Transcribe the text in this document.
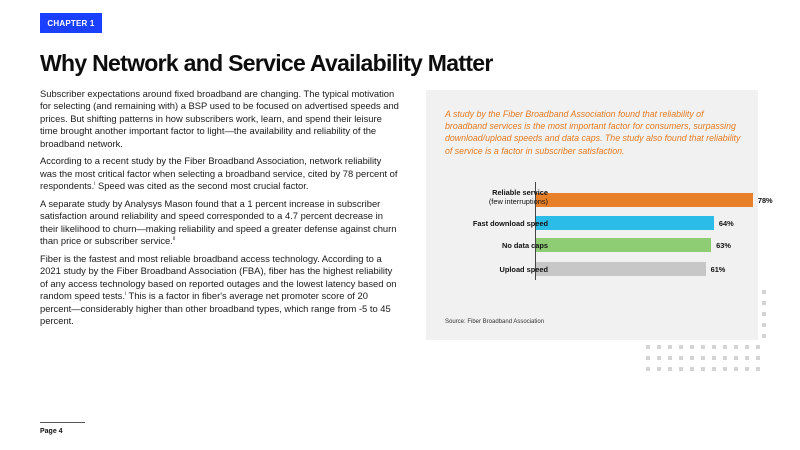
CHAPTER 1
Why Network and Service Availability Matter

Subscriber expectations around fixed broadband are changing. The typical motivation for selecting (and remaining with) a BSP used to be focused on advertised speeds and prices. But shifting patterns in how subscribers work, learn, and spend their leisure time brought another important factor to light—the availability and reliability of the broadband network.

According to a recent study by the Fiber Broadband Association, network reliability was the most critical factor when selecting a broadband service, cited by 78 percent of respondents.$^i$ Speed was cited as the second most crucial factor.

A separate study by Analysys Mason found that a 1 percent increase in subscriber satisfaction around reliability and speed corresponded to a 4.7 percent decrease in their likelihood to churn—making reliability and speed a greater defense against churn than price or subscriber service.$^{ii}$

Fiber is the fastest and most reliable broadband access technology. According to a 2021 study by the Fiber Broadband Association (FBA), fiber has the highest reliability of any access technology based on reported outages and the lowest latency based on random speed tests.$^i$ This is a factor in fiber's average net promoter score of 20 percent—considerably higher than other broadband types, which range from -5 to 45 percent.

A study by the Fiber Broadband Association found that reliability of broadband services is the most important factor for consumers, surpassing download/upload speeds and data caps. The study also found that reliability of service is a factor in subscriber satisfaction.

Source: Fiber Broadband Association

Reliable service
(few interruptions)	78%
Fast download speed	64%
No data caps	63%
Upload speed	61%

Page 4
